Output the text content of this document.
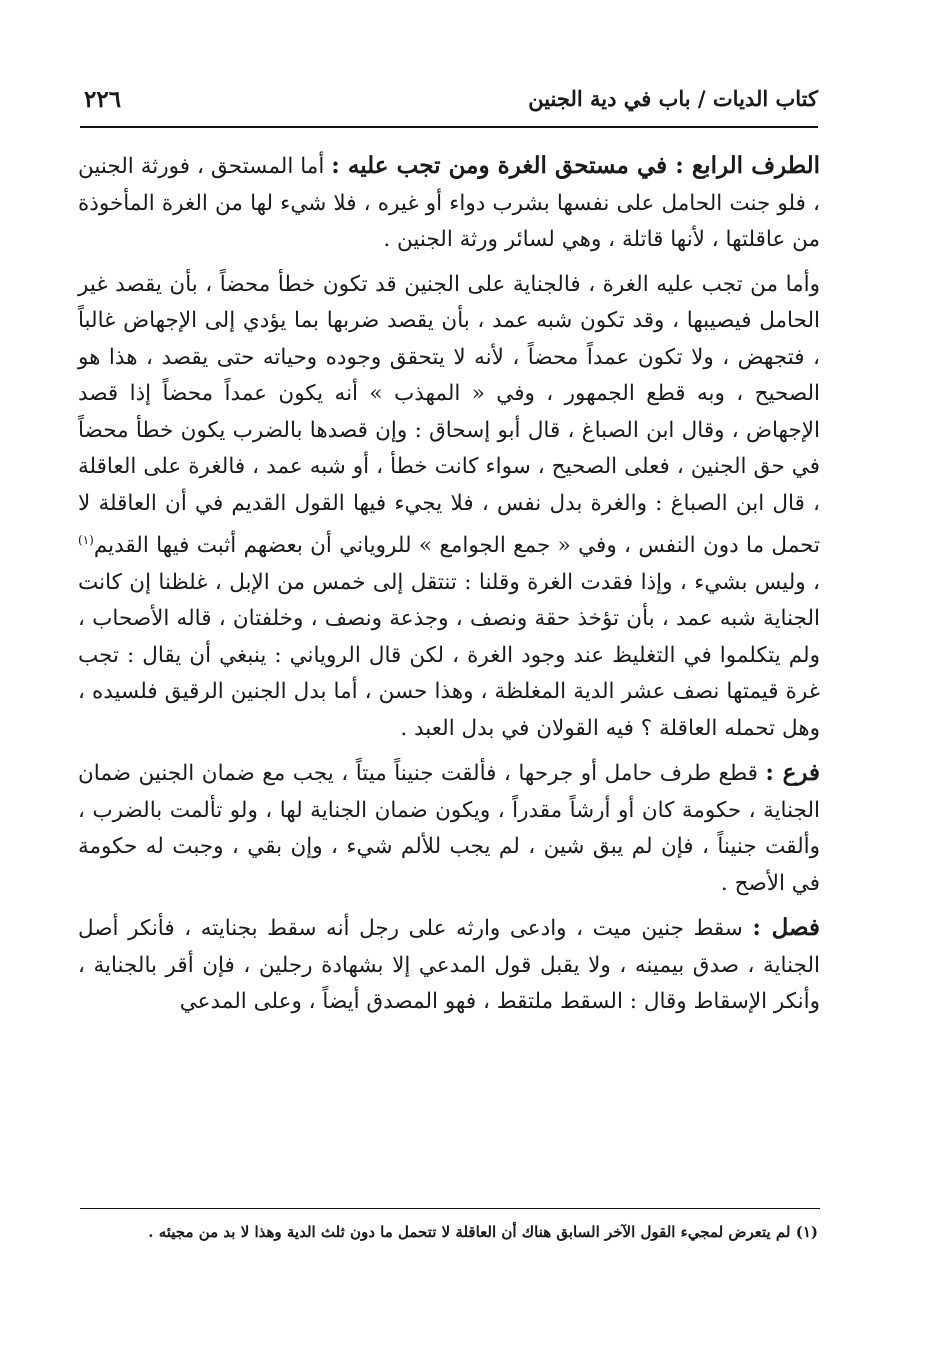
كتاب الديات / باب في دية الجنين
٢٢٦

الطرف الرابع : في مستحق الغرة ومن تجب عليه : أما المستحق ، فورثة الجنين ، فلو جنت الحامل على نفسها بشرب دواء أو غيره ، فلا شيء لها من الغرة المأخوذة من عاقلتها ، لأنها قاتلة ، وهي لسائر ورثة الجنين .

وأما من تجب عليه الغرة ، فالجناية على الجنين قد تكون خطأ محضاً ، بأن يقصد غير الحامل فيصيبها ، وقد تكون شبه عمد ، بأن يقصد ضربها بما يؤدي إلى الإجهاض غالباً ، فتجهض ، ولا تكون عمداً محضاً ، لأنه لا يتحقق وجوده وحياته حتى يقصد ، هذا هو الصحيح ، وبه قطع الجمهور ، وفي « المهذب » أنه يكون عمداً محضاً إذا قصد الإجهاض ، وقال ابن الصباغ ، قال أبو إسحاق : وإن قصدها بالضرب يكون خطأ محضاً في حق الجنين ، فعلى الصحيح ، سواء كانت خطأ ، أو شبه عمد ، فالغرة على العاقلة ، قال ابن الصباغ : والغرة بدل نفس ، فلا يجيء فيها القول القديم في أن العاقلة لا تحمل ما دون النفس ، وفي « جمع الجوامع » للروياني أن بعضهم أثبت فيها القديم$^{(١)}$ ، وليس بشيء ، وإذا فقدت الغرة وقلنا : تنتقل إلى خمس من الإبل ، غلظنا إن كانت الجناية شبه عمد ، بأن تؤخذ حقة ونصف ، وجذعة ونصف ، وخلفتان ، قاله الأصحاب ، ولم يتكلموا في التغليظ عند وجود الغرة ، لكن قال الروياني : ينبغي أن يقال : تجب غرة قيمتها نصف عشر الدية المغلظة ، وهذا حسن ، أما بدل الجنين الرقيق فلسيده ، وهل تحمله العاقلة ؟ فيه القولان في بدل العبد .

فرع : قطع طرف حامل أو جرحها ، فألقت جنيناً ميتاً ، يجب مع ضمان الجنين ضمان الجناية ، حكومة كان أو أرشاً مقدراً ، ويكون ضمان الجناية لها ، ولو تألمت بالضرب ، وألقت جنيناً ، فإن لم يبق شين ، لم يجب للألم شيء ، وإن بقي ، وجبت له حكومة في الأصح .

فصل : سقط جنين ميت ، وادعى وارثه على رجل أنه سقط بجنايته ، فأنكر أصل الجناية ، صدق بيمينه ، ولا يقبل قول المدعي إلا بشهادة رجلين ، فإن أقر بالجناية ، وأنكر الإسقاط وقال : السقط ملتقط ، فهو المصدق أيضاً ، وعلى المدعي

(١) لم يتعرض لمجيء القول الآخر السابق هناك أن العاقلة لا تتحمل ما دون ثلث الدية وهذا لا بد من مجيئه .
